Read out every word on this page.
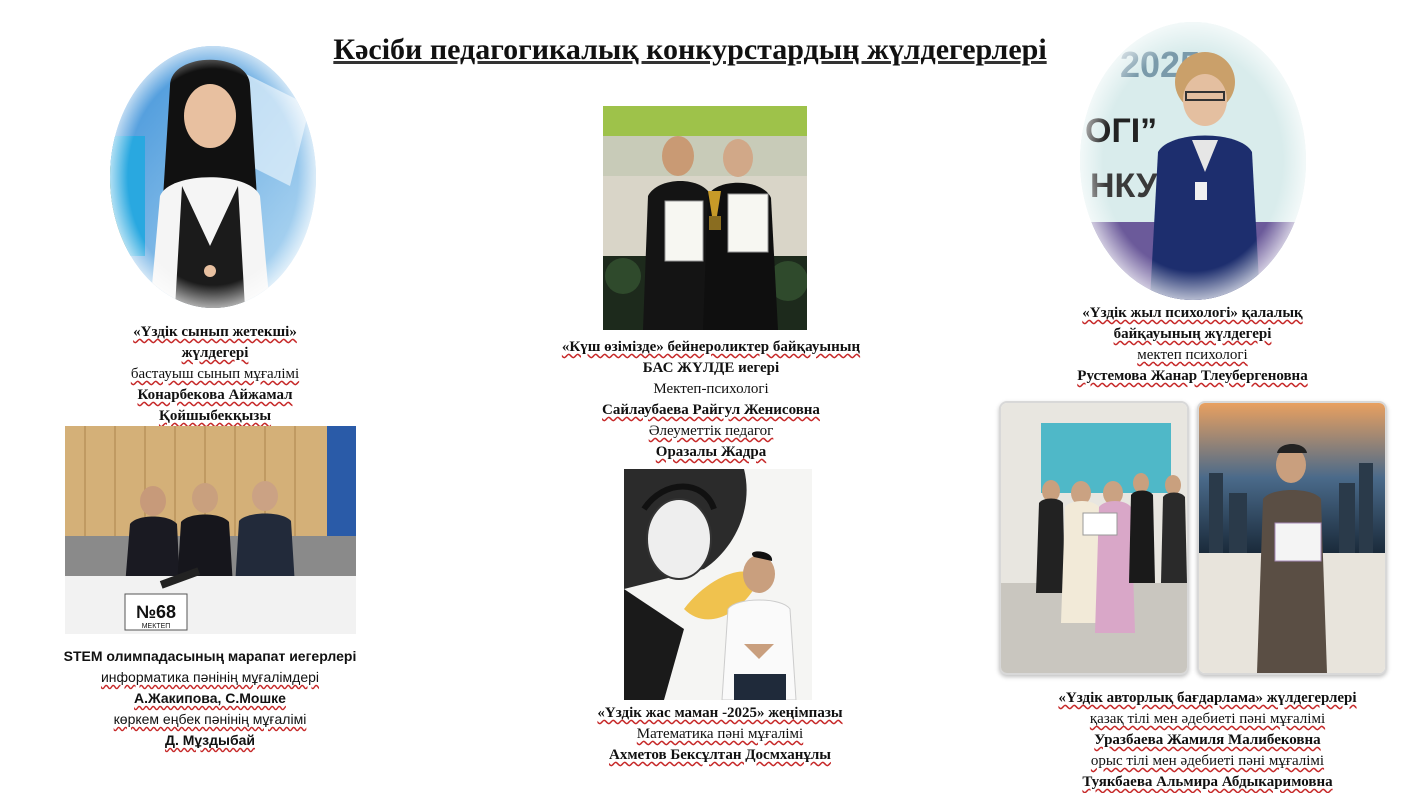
Кәсіби педагогикалық конкурстардың жүлдегерлері
«Үздік сынып жетекші»
жүлдегері
бастауыш сынып мұғалімі
Конарбекова Айжамал
Қойшыбекқызы
«Күш өзімізде» бейнероликтер байқауының
БАС ЖҮЛДЕ иегері
Мектеп-психологі
Сайлаубаева Райгул Женисовна
Әлеуметтік педагог
Оразалы Жадра
«Үздік жыл психологі» қалалық
байқауының жүлдегері
мектеп психологі
Рустемова Жанар Тлеубергеновна
№68
МЕКТЕП
STEM олимпадасының марапат иегерлері
информатика пәнінің мұғалімдері
А.Жакипова, С.Мошке
көркем еңбек пәнінің мұғалімі
Д. Мұздыбай
«Үздік жас маман -2025» жеңімпазы
Математика пәні мұғалімі
Ахметов Бексұлтан Досмханұлы
«Үздік авторлық бағдарлама» жүлдегерлері
қазақ тілі мен әдебиеті пәні мұғалімі
Уразбаева Жамиля Малибековна
орыс тілі мен әдебиеті пәні мұғалімі
Туякбаева Альмира Абдыкаримовна
